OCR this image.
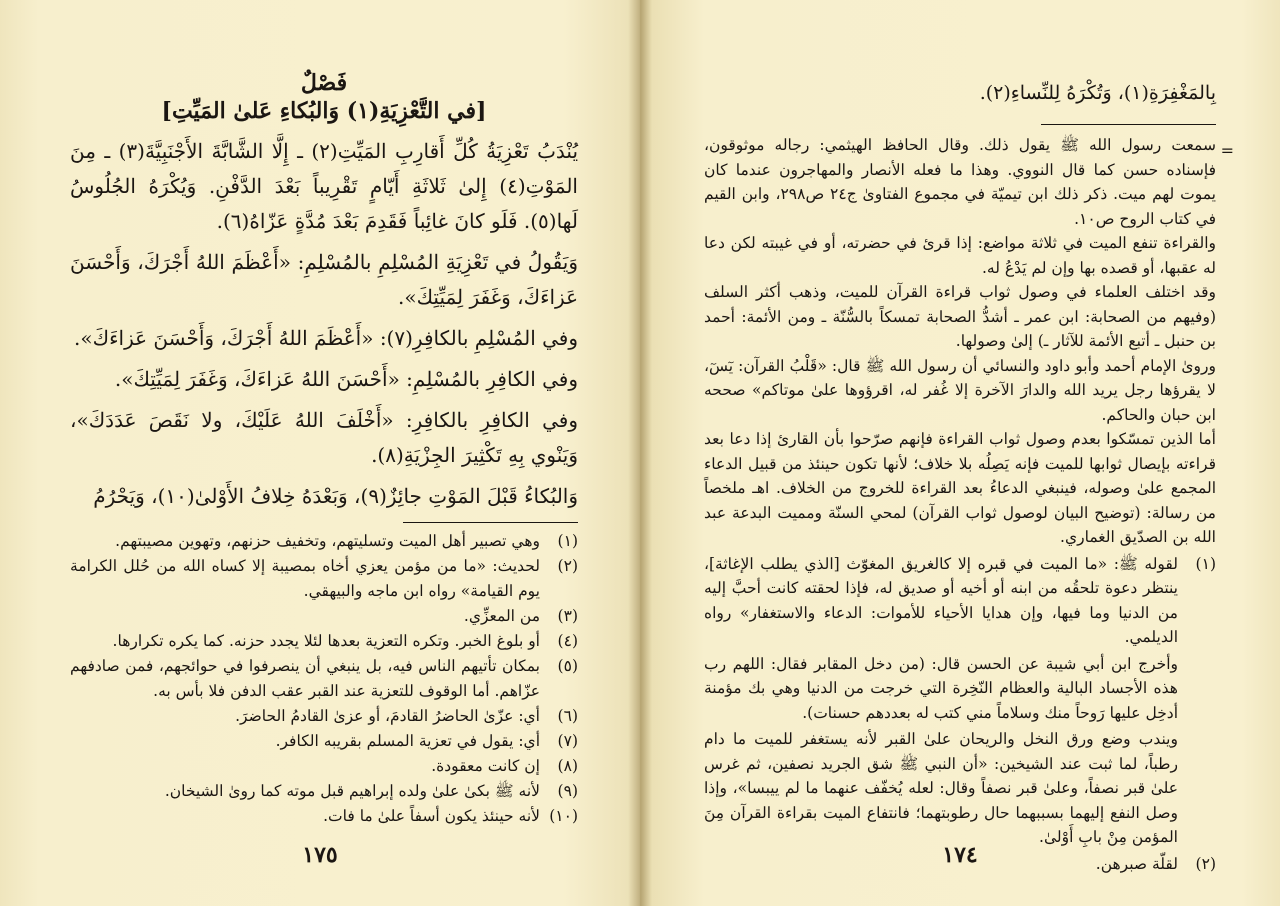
فَصْلٌ
[في التَّعْزِيَةِ(١) وَالبُكاءِ عَلىٰ المَيِّتِ]

يُنْدَبُ تَعْزِيَةُ كُلِّ أَقارِبِ المَيِّتِ(٢) ـ إِلَّا الشَّابَّةَ الأَجْنَبِيَّةَ(٣) ـ مِنَ المَوْتِ(٤) إِلىٰ ثَلاثَةِ أَيّامٍ تَقْرِيباً بَعْدَ الدَّفْنِ. وَيُكْرَهُ الجُلُوسُ لَها(٥). فَلَو كانَ غائِباً فَقَدِمَ بَعْدَ مُدَّةٍ عَزّاهُ(٦).

وَيَقُولُ في تَعْزِيَةِ المُسْلِمِ بالمُسْلِمِ: «أَعْظَمَ اللهُ أَجْرَكَ، وَأَحْسَنَ عَزاءَكَ، وَغَفَرَ لِمَيِّتِكَ».

وفي المُسْلِمِ بالكافِرِ(٧): «أَعْظَمَ اللهُ أَجْرَكَ، وَأَحْسَنَ عَزاءَكَ».

وفي الكافِرِ بالمُسْلِمِ: «أَحْسَنَ اللهُ عَزاءَكَ، وَغَفَرَ لِمَيِّتِكَ».

وفي الكافِرِ بالكافِرِ: «أَخْلَفَ اللهُ عَلَيْكَ، ولا نَقَصَ عَدَدَكَ»، وَيَنْوي بِهِ تَكْثِيرَ الجِزْيَةِ(٨).

وَالبُكاءُ قَبْلَ المَوْتِ جائِزٌ(٩)، وَبَعْدَهُ خِلافُ الأَوْلىٰ(١٠)، وَيَحْرُمُ

(١)
وهي تصبير أهل الميت وتسليتهم، وتخفيف حزنهم، وتهوين مصيبتهم.
(٢)
لحديث: «ما من مؤمن يعزي أخاه بمصيبة إلا كساه الله من حُلل الكرامة يوم القيامة» رواه ابن ماجه والبيهقي.
(٣)
من المعزِّي.
(٤)
أو بلوغ الخبر. وتكره التعزية بعدها لئلا يجدد حزنه. كما يكره تكرارها.
(٥)
بمكان تأتيهم الناس فيه، بل ينبغي أن ينصرفوا في حوائجهم، فمن صادفهم عزّاهم. أما الوقوف للتعزية عند القبر عقب الدفن فلا بأس به.
(٦)
أي: عزّىٰ الحاضرُ القادمَ، أو عزىٰ القادمُ الحاضرَ.
(٧)
أي: يقول في تعزية المسلم بقريبه الكافر.
(٨)
إن كانت معقودة.
(٩)
لأنه ﷺ بكىٰ علىٰ ولده إبراهيم قبل موته كما روىٰ الشيخان.
(١٠)
لأنه حينئذ يكون أسفاً علىٰ ما فات.
١٧٥
بِالمَغْفِرَةِ(١)، وَتُكْرَهُ لِلنِّساءِ(٢).
=
سمعت رسول الله ﷺ يقول ذلك. وقال الحافظ الهيثمي: رجاله موثوقون، فإسناده حسن كما قال النووي. وهذا ما فعله الأنصار والمهاجرون عندما كان يموت لهم ميت. ذكر ذلك ابن تيميّة في مجموع الفتاوىٰ ج٢٤ ص٢٩٨، وابن القيم في كتاب الروح ص١٠.
والقراءة تنفع الميت في ثلاثة مواضع: إذا قرئ في حضرته، أو في غيبته لكن دعا له عقبها، أو قصده بها وإن لم يَدْعُ له.
وقد اختلف العلماء في وصول ثواب قراءة القرآن للميت، وذهب أكثر السلف (وفيهم من الصحابة: ابن عمر ـ أشدُّ الصحابة تمسكاً بالسُّنّة ـ ومن الأئمة: أحمد بن حنبل ـ أتبع الأئمة للآثار ـ) إلىٰ وصولها.
وروىٰ الإمام أحمد وأبو داود والنسائي أن رسول الله ﷺ قال: «قَلْبُ القرآن: يٓسٓ، لا يقرؤها رجل يريد الله والدارَ الآخرة إلا غُفر له، اقرؤوها علىٰ موتاكم» صححه ابن حبان والحاكم.
أما الذين تمسّكوا بعدم وصول ثواب القراءة فإنهم صرّحوا بأن القارئ إذا دعا بعد قراءته بإيصال ثوابها للميت فإنه يَصِلُه بلا خلاف؛ لأنها تكون حينئذ من قبيل الدعاء المجمع علىٰ وصوله، فينبغي الدعاءُ بعد القراءة للخروج من الخلاف. اهـ ملخصاً من رسالة: (توضيح البيان لوصول ثواب القرآن) لمحي السنّة ومميت البدعة عبد الله بن الصدّيق الغماري.
(١)
لقوله ﷺ: «ما الميت في قبره إلا كالغريق المغوّث [الذي يطلب الإغاثة]، ينتظر دعوة تلحقُه من ابنه أو أخيه أو صديق له، فإذا لحقته كانت أحبَّ إليه من الدنيا وما فيها، وإن هدايا الأحياء للأموات: الدعاء والاستغفار» رواه الديلمي.
وأخرج ابن أبي شيبة عن الحسن قال: (من دخل المقابر فقال: اللهم رب هذه الأجساد البالية والعظام النّخِرة التي خرجت من الدنيا وهي بك مؤمنة أدخِل عليها رَوحاً منك وسلاماً مني كتب له بعددهم حسنات).
ويندب وضع ورق النخل والريحان علىٰ القبر لأنه يستغفر للميت ما دام رطباً، لما ثبت عند الشيخين: «أن النبي ﷺ شق الجريد نصفين، ثم غرس علىٰ قبر نصفاً، وعلىٰ قبر نصفاً وقال: لعله يُخفّف عنهما ما لم ييبسا»، وإذا وصل النفع إليهما بسببهما حال رطوبتهما؛ فانتفاع الميت بقراءة القرآن مِنَ المؤمن مِنْ بابِ أَوْلىٰ.
(٢)
لقلّة صبرهن.
١٧٤
